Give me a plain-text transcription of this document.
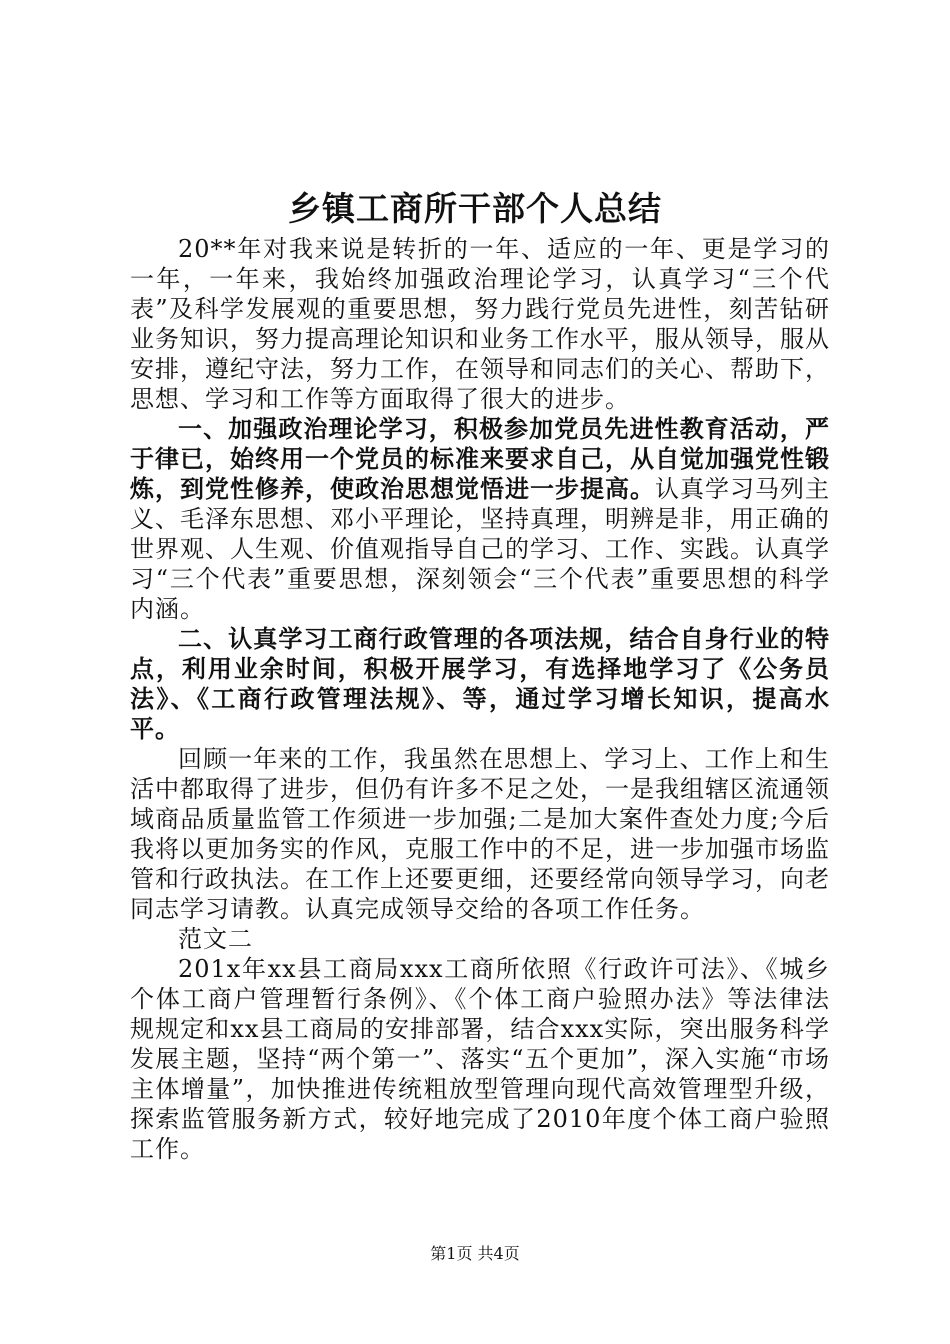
乡镇工商所干部个人总结

20**年对我来说是转折的一年、适应的一年、更是学习的一年，一年来，我始终加强政治理论学习，认真学习“三个代表”及科学发展观的重要思想，努力践行党员先进性，刻苦钻研业务知识，努力提高理论知识和业务工作水平，服从领导，服从安排，遵纪守法，努力工作，在领导和同志们的关心、帮助下，思想、学习和工作等方面取得了很大的进步。

一、加强政治理论学习，积极参加党员先进性教育活动，严于律已，始终用一个党员的标准来要求自己，从自觉加强党性锻炼，到党性修养，使政治思想觉悟进一步提高。认真学习马列主义、毛泽东思想、邓小平理论，坚持真理，明辨是非，用正确的世界观、人生观、价值观指导自己的学习、工作、实践。认真学习“三个代表”重要思想，深刻领会“三个代表”重要思想的科学内涵。

二、认真学习工商行政管理的各项法规，结合自身行业的特点，利用业余时间，积极开展学习，有选择地学习了《公务员法》、《工商行政管理法规》、等，通过学习增长知识，提高水平。

回顾一年来的工作，我虽然在思想上、学习上、工作上和生活中都取得了进步，但仍有许多不足之处，一是我组辖区流通领域商品质量监管工作须进一步加强;二是加大案件查处力度;今后我将以更加务实的作风，克服工作中的不足，进一步加强市场监管和行政执法。在工作上还要更细，还要经常向领导学习，向老同志学习请教。认真完成领导交给的各项工作任务。

范文二

201x年xx县工商局xxx工商所依照《行政许可法》、《城乡个体工商户管理暂行条例》、《个体工商户验照办法》等法律法规规定和xx县工商局的安排部署，结合xxx实际，突出服务科学发展主题，坚持“两个第一”、落实“五个更加”，深入实施“市场主体增量”，加快推进传统粗放型管理向现代高效管理型升级，探索监管服务新方式，较好地完成了2010年度个体工商户验照工作。

第1页 共4页
